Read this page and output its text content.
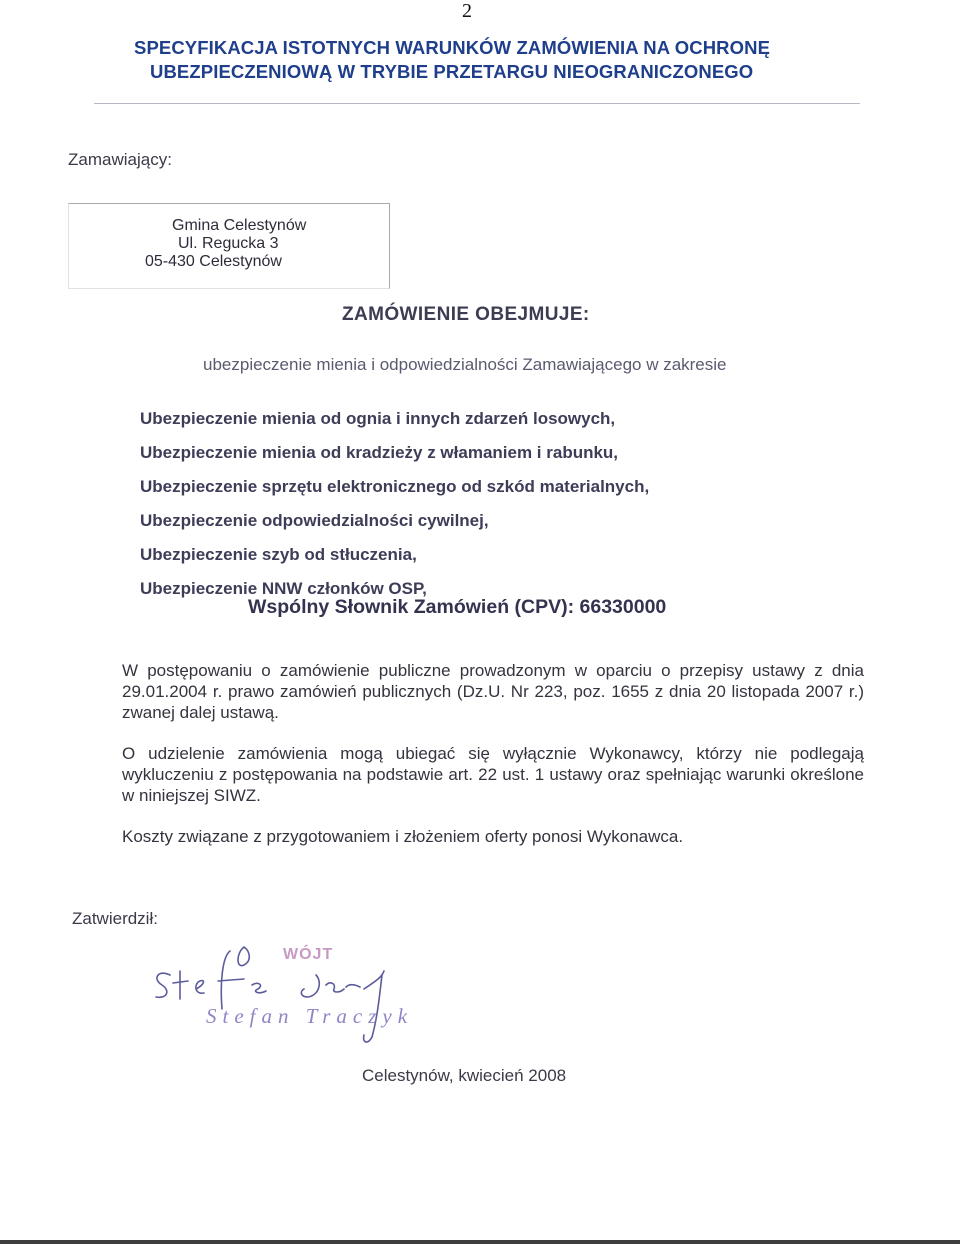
2
SPECYFIKACJA ISTOTNYCH WARUNKÓW ZAMÓWIENIA NA OCHRONĘ
UBEZPIECZENIOWĄ W TRYBIE PRZETARGU NIEOGRANICZONEGO
Zamawiający:
Gmina Celestynów
Ul. Regucka 3
05-430 Celestynów
ZAMÓWIENIE OBEJMUJE:
ubezpieczenie mienia i odpowiedzialności Zamawiającego w zakresie
Ubezpieczenie mienia od ognia i innych zdarzeń losowych,
Ubezpieczenie mienia od kradzieży z włamaniem i rabunku,
Ubezpieczenie sprzętu elektronicznego od szkód materialnych,
Ubezpieczenie odpowiedzialności cywilnej,
Ubezpieczenie szyb od stłuczenia,
Ubezpieczenie NNW członków OSP,
Wspólny Słownik Zamówień (CPV): 66330000
W postępowaniu o zamówienie publiczne prowadzonym w oparciu o przepisy ustawy z dnia 29.01.2004 r. prawo zamówień publicznych (Dz.U. Nr 223, poz. 1655 z dnia 20 listopada 2007 r.) zwanej dalej ustawą.
O udzielenie zamówienia mogą ubiegać się wyłącznie Wykonawcy, którzy nie podlegają wykluczeniu z postępowania na podstawie art. 22 ust. 1 ustawy oraz spełniając warunki określone w niniejszej SIWZ.
Koszty związane z przygotowaniem i złożeniem oferty ponosi Wykonawca.
Zatwierdził:
WÓJT
Stefan Traczyk
Celestynów, kwiecień 2008
